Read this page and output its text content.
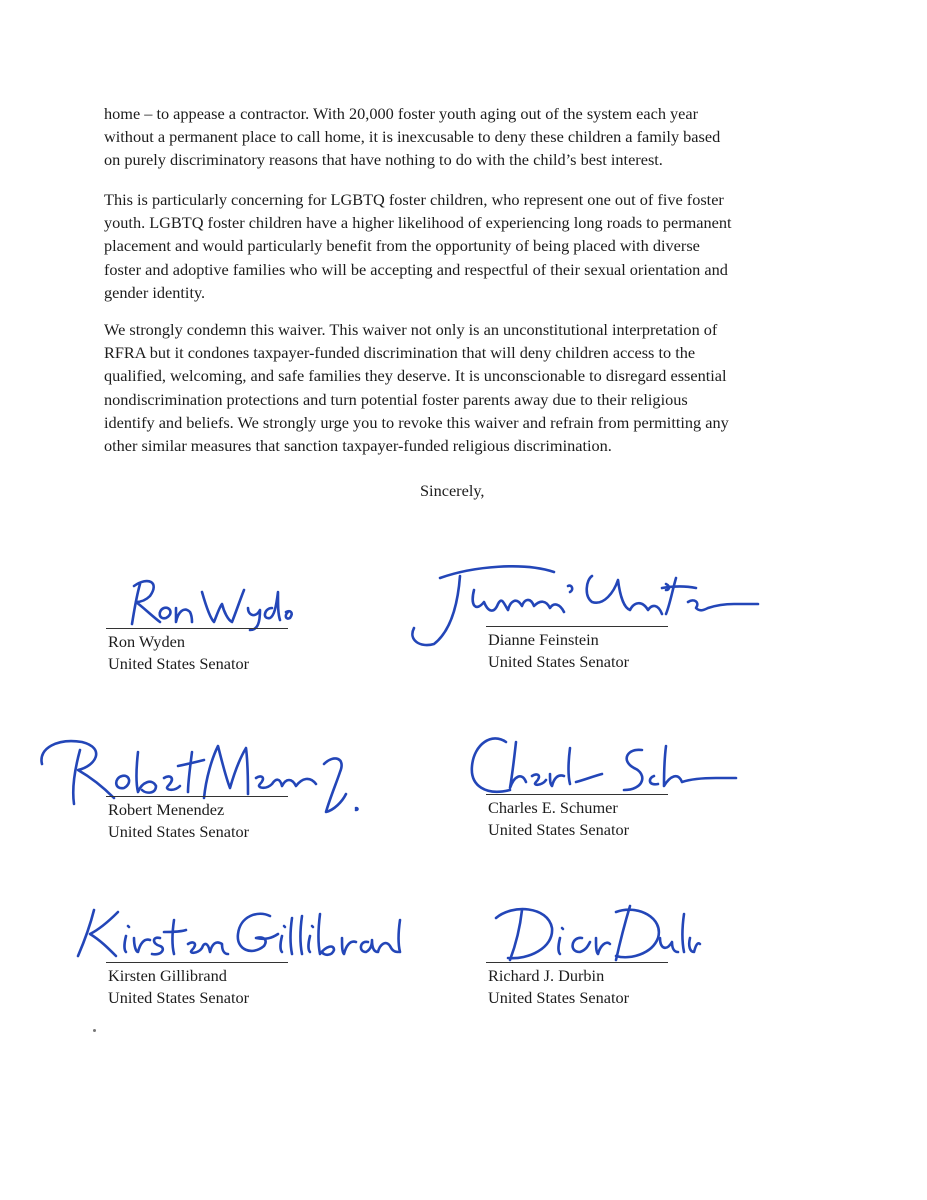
home – to appease a contractor. With 20,000 foster youth aging out of the system each year
without a permanent place to call home, it is inexcusable to deny these children a family based
on purely discriminatory reasons that have nothing to do with the child’s best interest.

This is particularly concerning for LGBTQ foster children, who represent one out of five foster
youth. LGBTQ foster children have a higher likelihood of experiencing long roads to permanent
placement and would particularly benefit from the opportunity of being placed with diverse
foster and adoptive families who will be accepting and respectful of their sexual orientation and
gender identity.

We strongly condemn this waiver. This waiver not only is an unconstitutional interpretation of
RFRA but it condones taxpayer-funded discrimination that will deny children access to the
qualified, welcoming, and safe families they deserve. It is unconscionable to disregard essential
nondiscrimination protections and turn potential foster parents away due to their religious
identify and beliefs. We strongly urge you to revoke this waiver and refrain from permitting any
other similar measures that sanction taxpayer-funded religious discrimination.

Sincerely,
Ron Wyden
United States Senator
Dianne Feinstein
United States Senator
Robert Menendez
United States Senator
Charles E. Schumer
United States Senator
Kirsten Gillibrand
United States Senator
Richard J. Durbin
United States Senator
